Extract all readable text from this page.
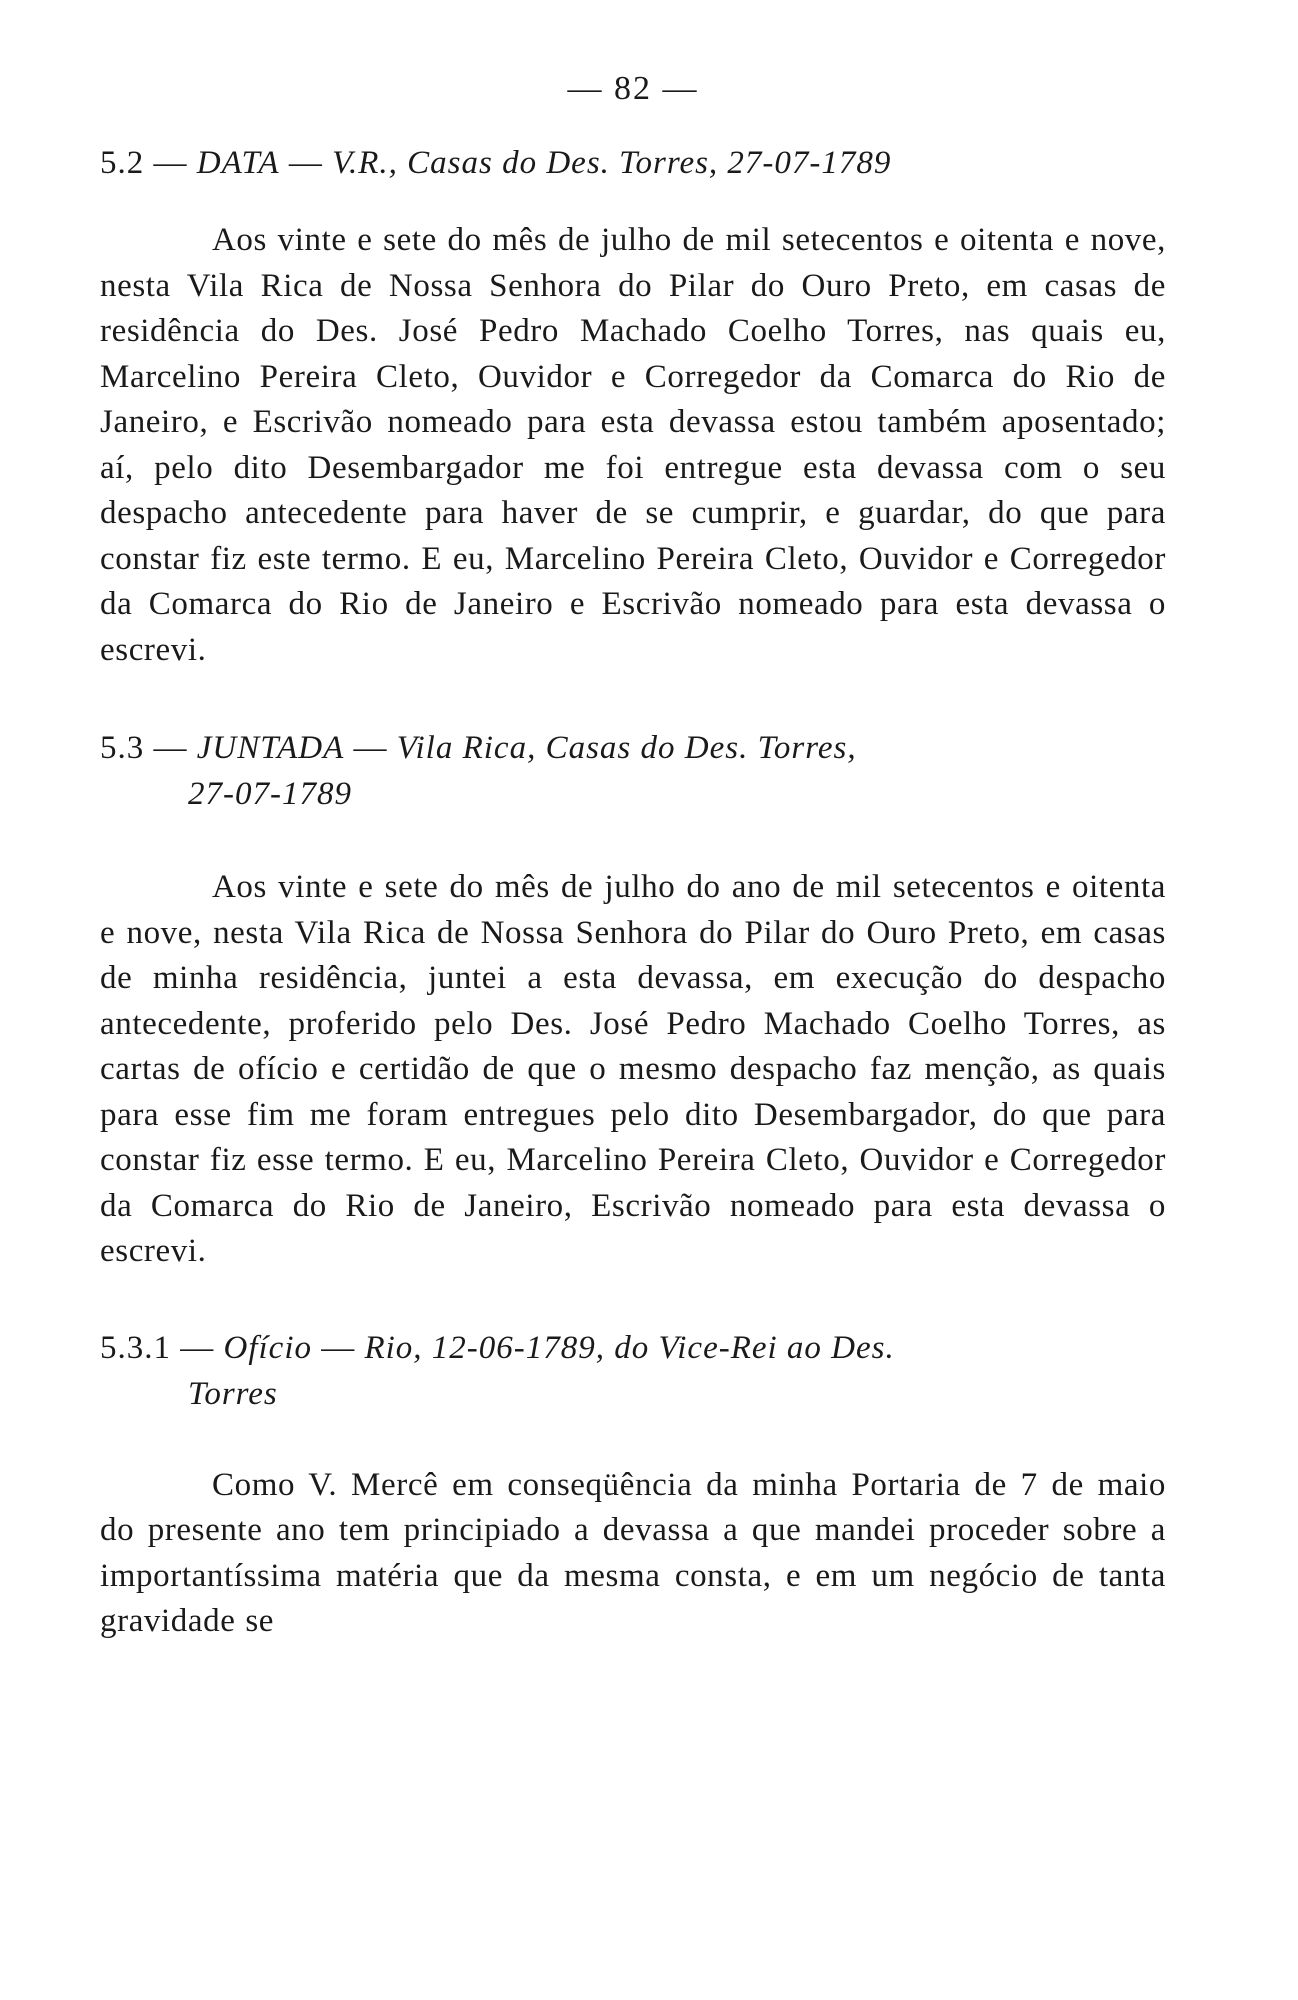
— 82 —

5.2 — DATA — V.R., Casas do Des. Torres, 27-07-1789

Aos vinte e sete do mês de julho de mil setecentos e oitenta e nove, nesta Vila Rica de Nossa Senhora do Pilar do Ouro Preto, em casas de residência do Des. José Pedro Machado Coelho Torres, nas quais eu, Marcelino Pereira Cleto, Ouvidor e Corregedor da Comarca do Rio de Janeiro, e Escrivão nomeado para esta devassa estou também aposentado; aí, pelo dito Desembargador me foi entregue esta devassa com o seu despacho antecedente para haver de se cumprir, e guardar, do que para constar fiz este termo. E eu, Marcelino Pereira Cleto, Ouvidor e Corregedor da Comarca do Rio de Janeiro e Escrivão nomeado para esta devassa o escrevi.

5.3 — JUNTADA — Vila Rica, Casas do Des. Torres,
27-07-1789

Aos vinte e sete do mês de julho do ano de mil setecentos e oitenta e nove, nesta Vila Rica de Nossa Senhora do Pilar do Ouro Preto, em casas de minha residência, juntei a esta devassa, em execução do despacho antecedente, proferido pelo Des. José Pedro Machado Coelho Torres, as cartas de ofício e certidão de que o mesmo despacho faz menção, as quais para esse fim me foram entregues pelo dito Desembargador, do que para constar fiz esse termo. E eu, Marcelino Pereira Cleto, Ouvidor e Corregedor da Comarca do Rio de Janeiro, Escrivão nomeado para esta devassa o escrevi.

5.3.1 — Ofício — Rio, 12-06-1789, do Vice-Rei ao Des.
Torres

Como V. Mercê em conseqüência da minha Portaria de 7 de maio do presente ano tem principiado a devassa a que mandei proceder sobre a importantíssima matéria que da mesma consta, e em um negócio de tanta gravidade se
